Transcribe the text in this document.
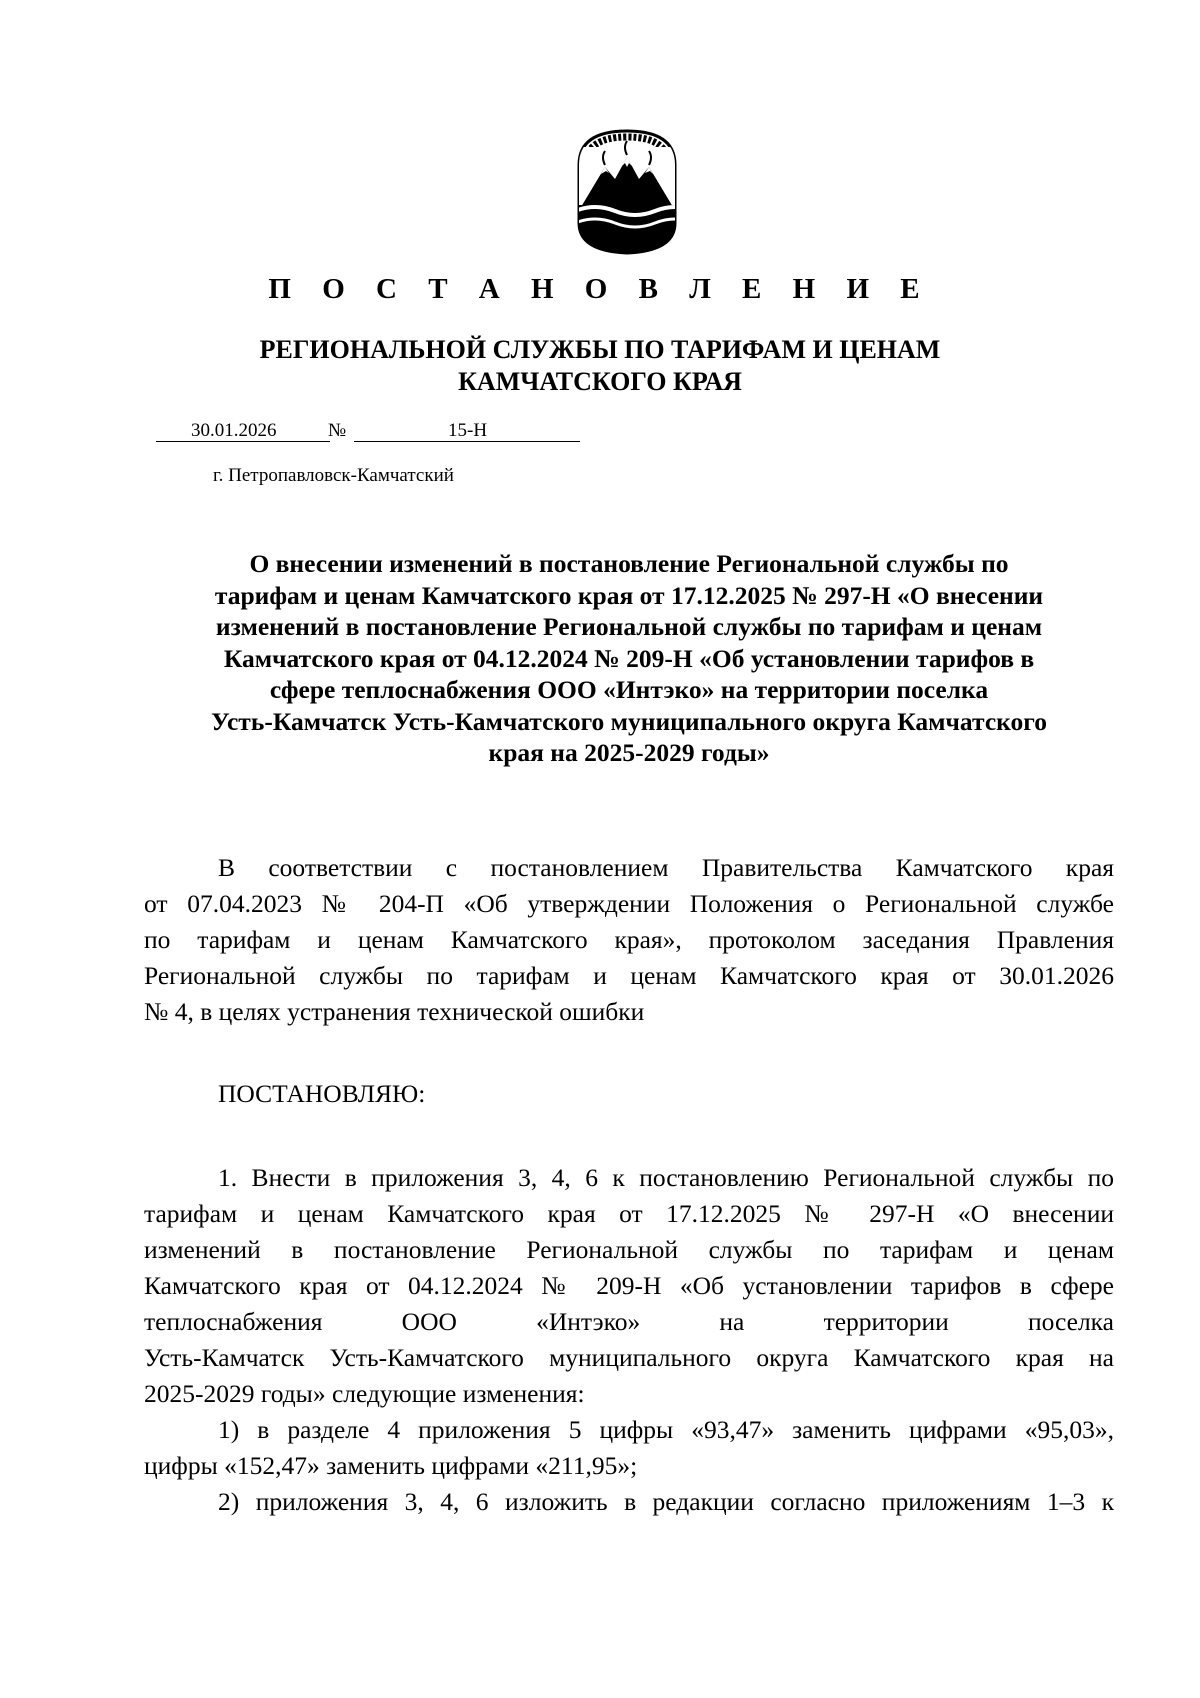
П О С Т А Н О В Л Е Н И Е
РЕГИОНАЛЬНОЙ СЛУЖБЫ ПО ТАРИФАМ И ЦЕНАМ
КАМЧАТСКОГО КРАЯ
30.01.2026	№	15-Н
г. Петропавловск-Камчатский
О внесении изменений в постановление Региональной службы по
тарифам и ценам Камчатского края от 17.12.2025 № 297-Н «О внесении
изменений в постановление Региональной службы по тарифам и ценам
Камчатского края от 04.12.2024 № 209-Н «Об установлении тарифов в
сфере теплоснабжения ООО «Интэко» на территории поселка
Усть-Камчатск Усть-Камчатского муниципального округа Камчатского
края на 2025-2029 годы»
В соответствии с постановлением Правительства Камчатского края
от 07.04.2023 № 204-П «Об утверждении Положения о Региональной службе
по тарифам и ценам Камчатского края», протоколом заседания Правления
Региональной службы по тарифам и ценам Камчатского края от 30.01.2026
№ 4, в целях устранения технической ошибки
ПОСТАНОВЛЯЮ:
1. Внести в приложения 3, 4, 6 к постановлению Региональной службы по
тарифам и ценам Камчатского края от 17.12.2025 № 297-Н «О внесении
изменений в постановление Региональной службы по тарифам и ценам
Камчатского края от 04.12.2024 № 209-Н «Об установлении тарифов в сфере
теплоснабжения ООО «Интэко» на территории поселка
Усть-Камчатск Усть-Камчатского муниципального округа Камчатского края на
2025-2029 годы» следующие изменения:
1) в разделе 4 приложения 5 цифры «93,47» заменить цифрами «95,03»,
цифры «152,47» заменить цифрами «211,95»;
2) приложения 3, 4, 6 изложить в редакции согласно приложениям 1–3 к
